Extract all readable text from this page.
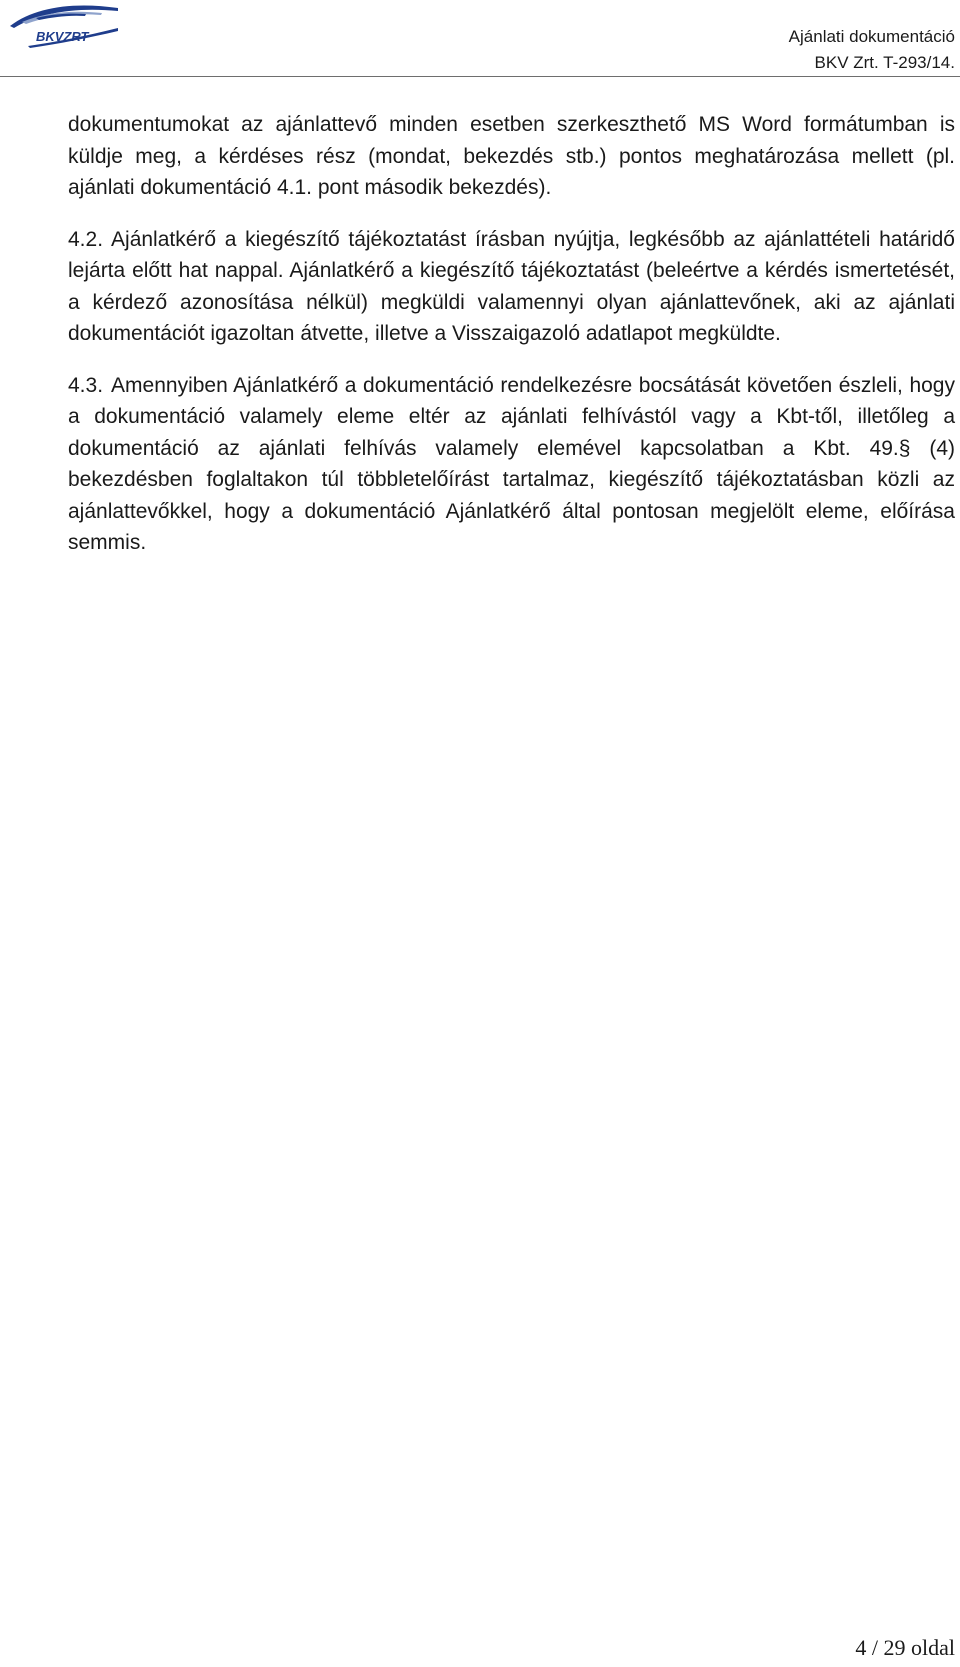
BKVZRT	Ajánlati dokumentáció
BKV Zrt. T-293/14.

dokumentumokat az ajánlattevő minden esetben szerkeszthető MS Word formátumban is küldje meg, a kérdéses rész (mondat, bekezdés stb.) pontos meghatározása mellett (pl. ajánlati dokumentáció 4.1. pont második bekezdés).

4.2. Ajánlatkérő a kiegészítő tájékoztatást írásban nyújtja, legkésőbb az ajánlattételi határidő lejárta előtt hat nappal. Ajánlatkérő a kiegészítő tájékoztatást (beleértve a kérdés ismertetését, a kérdező azonosítása nélkül) megküldi valamennyi olyan ajánlattevőnek, aki az ajánlati dokumentációt igazoltan átvette, illetve a Visszaigazoló adatlapot megküldte.

4.3. Amennyiben Ajánlatkérő a dokumentáció rendelkezésre bocsátását követően észleli, hogy a dokumentáció valamely eleme eltér az ajánlati felhívástól vagy a Kbt-től, illetőleg a dokumentáció az ajánlati felhívás valamely elemével kapcsolatban a Kbt. 49.§ (4) bekezdésben foglaltakon túl többletelőírást tartalmaz, kiegészítő tájékoztatásban közli az ajánlattevőkkel, hogy a dokumentáció Ajánlatkérő által pontosan megjelölt eleme, előírása semmis.

4 / 29 oldal
